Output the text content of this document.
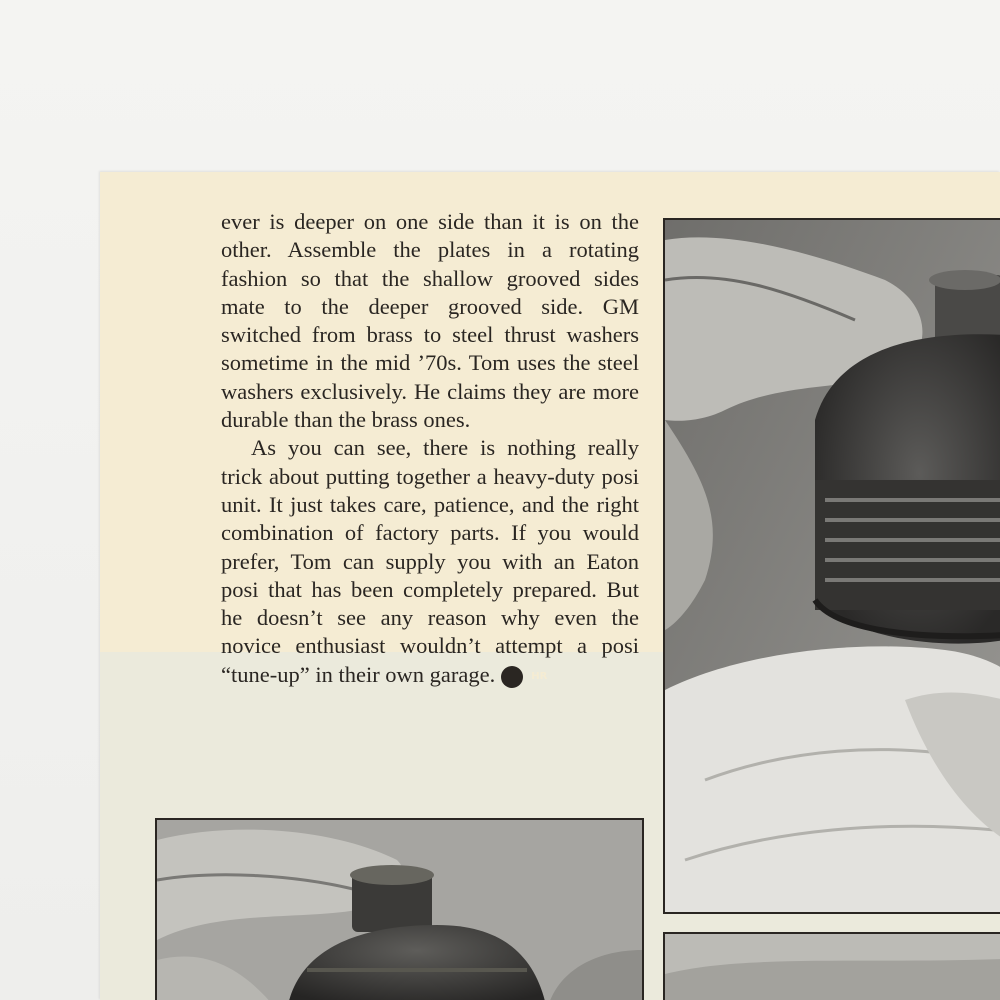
ever is deeper on one side than it is on the other. Assemble the plates in a rotating fashion so that the shallow grooved sides mate to the deeper grooved side. GM switched from brass to steel thrust washers sometime in the mid ’70s. Tom uses the steel washers exclusively. He claims they are more durable than the brass ones.

As you can see, there is nothing really trick about putting together a heavy-duty posi unit. It just takes care, patience, and the right combination of factory parts. If you would prefer, Tom can supply you with an Eaton posi that has been completely prepared. But he doesn’t see any reason why even the novice enthusiast wouldn’t attempt a posi “tune-up” in their own garage.	HR
